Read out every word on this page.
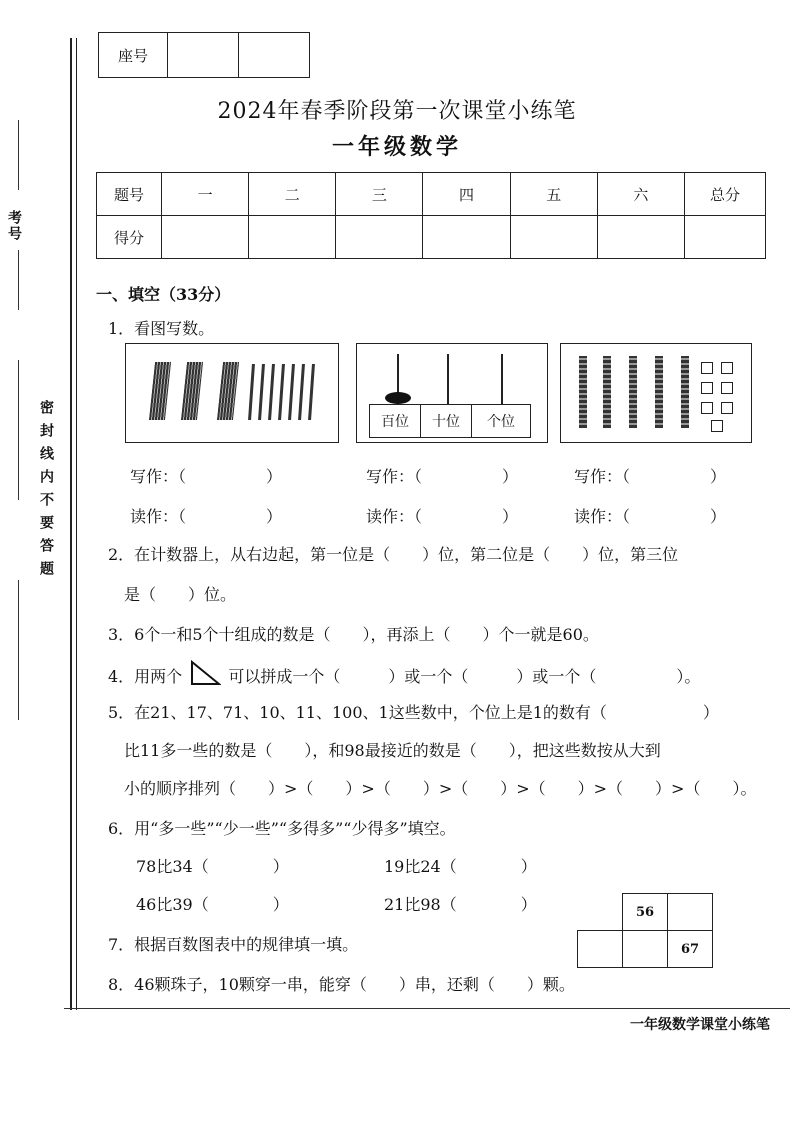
考号
密封线内不要答题
座号		
2024年春季阶段第一次课堂小练笔
一年级数学
题号	一	二	三	四	五	六	总分
得分							
一、填空（33分）
1．看图写数。
百位	十位	个位
写作：（　　　　　）	写作：（　　　　　）	写作：（　　　　　）
读作：（　　　　　）	读作：（　　　　　）	读作：（　　　　　）
2．在计数器上，从右边起，第一位是（　　）位，第二位是（　　）位，第三位
是（　　）位。
3．6个一和5个十组成的数是（　　），再添上（　　）个一就是60。
4．用两个	可以拼成一个（　　　）或一个（　　　）或一个（　　　　　）。
5．在21、17、71、10、11、100、1这些数中，个位上是1的数有（　　　　　　）
比11多一些的数是（　　），和98最接近的数是（　　），把这些数按从大到
小的顺序排列（　　）>（　　）>（　　）>（　　）>（　　）>（　　）>（　　）。
6．用“多一些”“少一些”“多得多”“少得多”填空。
78比34（　　　　）	19比24（　　　　）
46比39（　　　　）	21比98（　　　　）
7．根据百数图表中的规律填一填。
	56	
		67
8．46颗珠子，10颗穿一串，能穿（　　）串，还剩（　　）颗。
一年级数学课堂小练笔
